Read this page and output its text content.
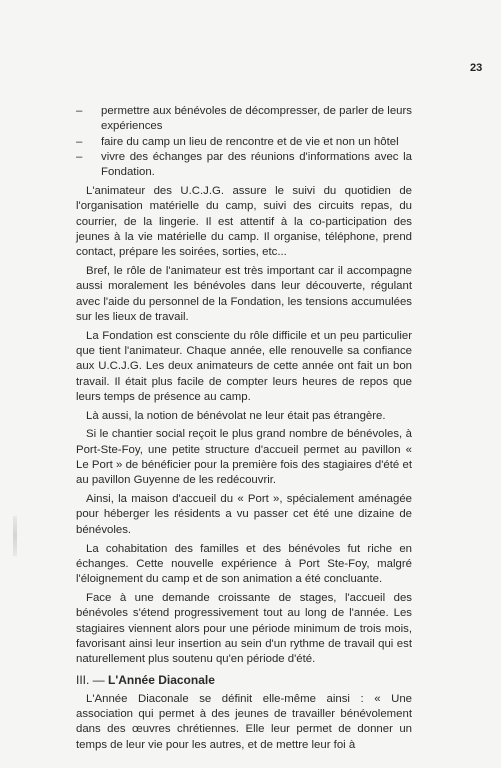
23
–	permettre aux bénévoles de décompresser, de parler de leurs expériences
–	faire du camp un lieu de rencontre et de vie et non un hôtel
–	vivre des échanges par des réunions d'informations avec la Fondation.

L'animateur des U.C.J.G. assure le suivi du quotidien de l'organisation matérielle du camp, suivi des circuits repas, du courrier, de la lingerie. Il est attentif à la co-participation des jeunes à la vie matérielle du camp. Il organise, téléphone, prend contact, prépare les soirées, sorties, etc...

Bref, le rôle de l'animateur est très important car il accompagne aussi moralement les bénévoles dans leur découverte, régulant avec l'aide du personnel de la Fondation, les tensions accumulées sur les lieux de travail.

La Fondation est consciente du rôle difficile et un peu particulier que tient l'animateur. Chaque année, elle renouvelle sa confiance aux U.C.J.G. Les deux animateurs de cette année ont fait un bon travail. Il était plus facile de compter leurs heures de repos que leurs temps de présence au camp.

Là aussi, la notion de bénévolat ne leur était pas étrangère.

Si le chantier social reçoit le plus grand nombre de bénévoles, à Port-Ste-Foy, une petite structure d'accueil permet au pavillon « Le Port » de bénéficier pour la première fois des stagiaires d'été et au pavillon Guyenne de les redécouvrir.

Ainsi, la maison d'accueil du « Port », spécialement aménagée pour héberger les résidents a vu passer cet été une dizaine de bénévoles.

La cohabitation des familles et des bénévoles fut riche en échanges. Cette nouvelle expérience à Port Ste-Foy, malgré l'éloignement du camp et de son animation a été concluante.

Face à une demande croissante de stages, l'accueil des bénévoles s'étend progressivement tout au long de l'année. Les stagiaires viennent alors pour une période minimum de trois mois, favorisant ainsi leur insertion au sein d'un rythme de travail qui est naturellement plus soutenu qu'en période d'été.

III. — L'Année Diaconale

L'Année Diaconale se définit elle-même ainsi : « Une association qui permet à des jeunes de travailler bénévolement dans des œuvres chrétiennes. Elle leur permet de donner un temps de leur vie pour les autres, et de mettre leur foi à
